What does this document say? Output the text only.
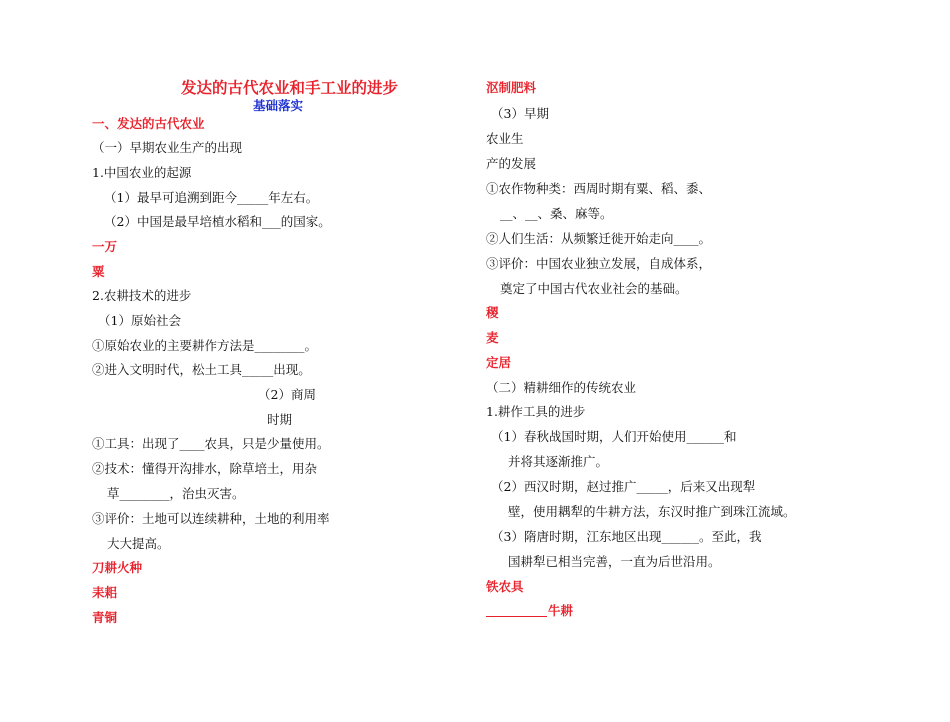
发达的古代农业和手工业的进步
基础落实
一、发达的古代农业
（一）早期农业生产的出现
1.中国农业的起源
（1）最早可追溯到距今_____年左右。
（2）中国是最早培植水稻和___的国家。
一万
粟
2.农耕技术的进步
（1）原始社会
①原始农业的主要耕作方法是________。
②进入文明时代，松土工具_____出现。
（2）商周
时期
①工具：出现了____农具，只是少量使用。
②技术：懂得开沟排水，除草培土，用杂
草________，治虫灭害。
③评价：土地可以连续耕种，土地的利用率
大大提高。
刀耕火种
耒耜
青铜
沤制肥料
（3）早期
农业生
产的发展
①农作物种类：西周时期有粟、稻、黍、
__、__、桑、麻等。
②人们生活：从频繁迁徙开始走向____。
③评价：中国农业独立发展，自成体系，
奠定了中国古代农业社会的基础。
稷
麦
定居
（二）精耕细作的传统农业
1.耕作工具的进步
（1）春秋战国时期，人们开始使用______和
并将其逐渐推广。
（2）西汉时期，赵过推广_____，后来又出现犁
壁，使用耦犁的牛耕方法，东汉时推广到珠江流域。
（3）隋唐时期，江东地区出现______。至此，我
国耕犁已相当完善，一直为后世沿用。
铁农具
牛耕
